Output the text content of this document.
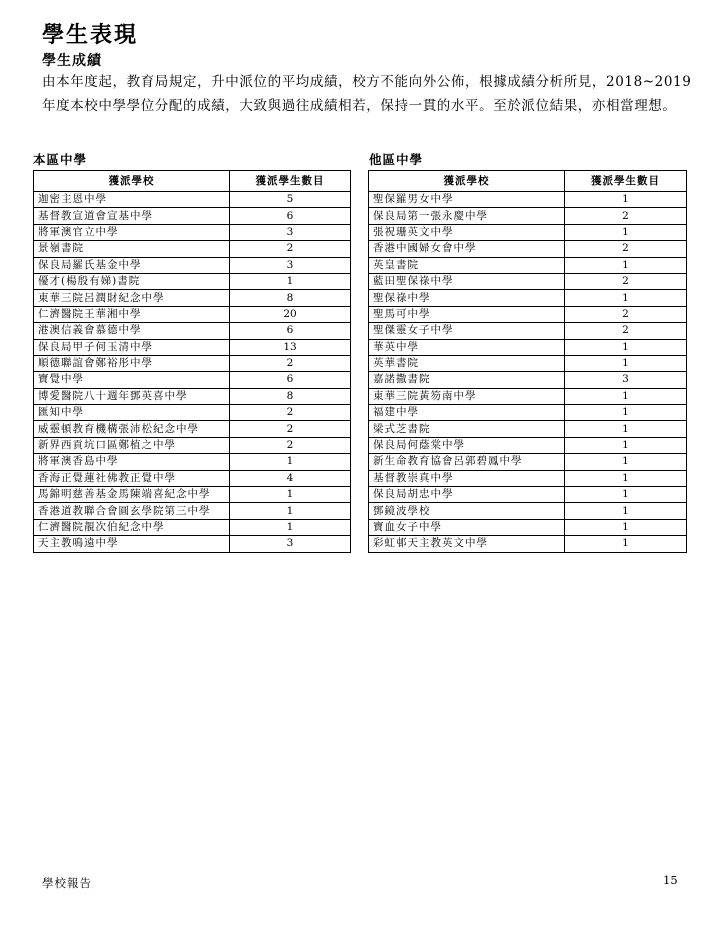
學生表現
學生成績

由本年度起，教育局規定，升中派位的平均成績，校方不能向外公佈，根據成績分析所見，2018~2019 年度本校中學學位分配的成績，大致與過往成績相若，保持一貫的水平。至於派位結果，亦相當理想。

本區中學	他區中學
獲派學校	獲派學生數目
迦密主恩中學	5
基督教宣道會宣基中學	6
將軍澳官立中學	3
景嶺書院	2
保良局羅氏基金中學	3
優才(楊殷有娣)書院	1
東華三院呂潤財紀念中學	8
仁濟醫院王華湘中學	20
港澳信義會慕德中學	6
保良局甲子何玉清中學	13
順德聯誼會鄭裕彤中學	2
寶覺中學	6
博愛醫院八十週年鄧英喜中學	8
匯知中學	2
威靈頓教育機構張沛松紀念中學	2
新界西貢坑口區鄭植之中學	2
將軍澳香島中學	1
香海正覺蓮社佛教正覺中學	4
馬錦明慈善基金馬陳端喜紀念中學	1
香港道教聯合會圓玄學院第三中學	1
仁濟醫院靚次伯紀念中學	1
天主教鳴遠中學	3
獲派學校	獲派學生數目
聖保羅男女中學	1
保良局第一張永慶中學	2
張祝珊英文中學	1
香港中國婦女會中學	2
英皇書院	1
藍田聖保祿中學	2
聖保祿中學	1
聖馬可中學	2
聖傑靈女子中學	2
華英中學	1
英華書院	1
嘉諾撒書院	3
東華三院黃笏南中學	1
福建中學	1
梁式芝書院	1
保良局何蔭棠中學	1
新生命教育協會呂郭碧鳳中學	1
基督教崇真中學	1
保良局胡忠中學	1
鄧鏡波學校	1
寶血女子中學	1
彩虹邨天主教英文中學	1
學校報告	15
